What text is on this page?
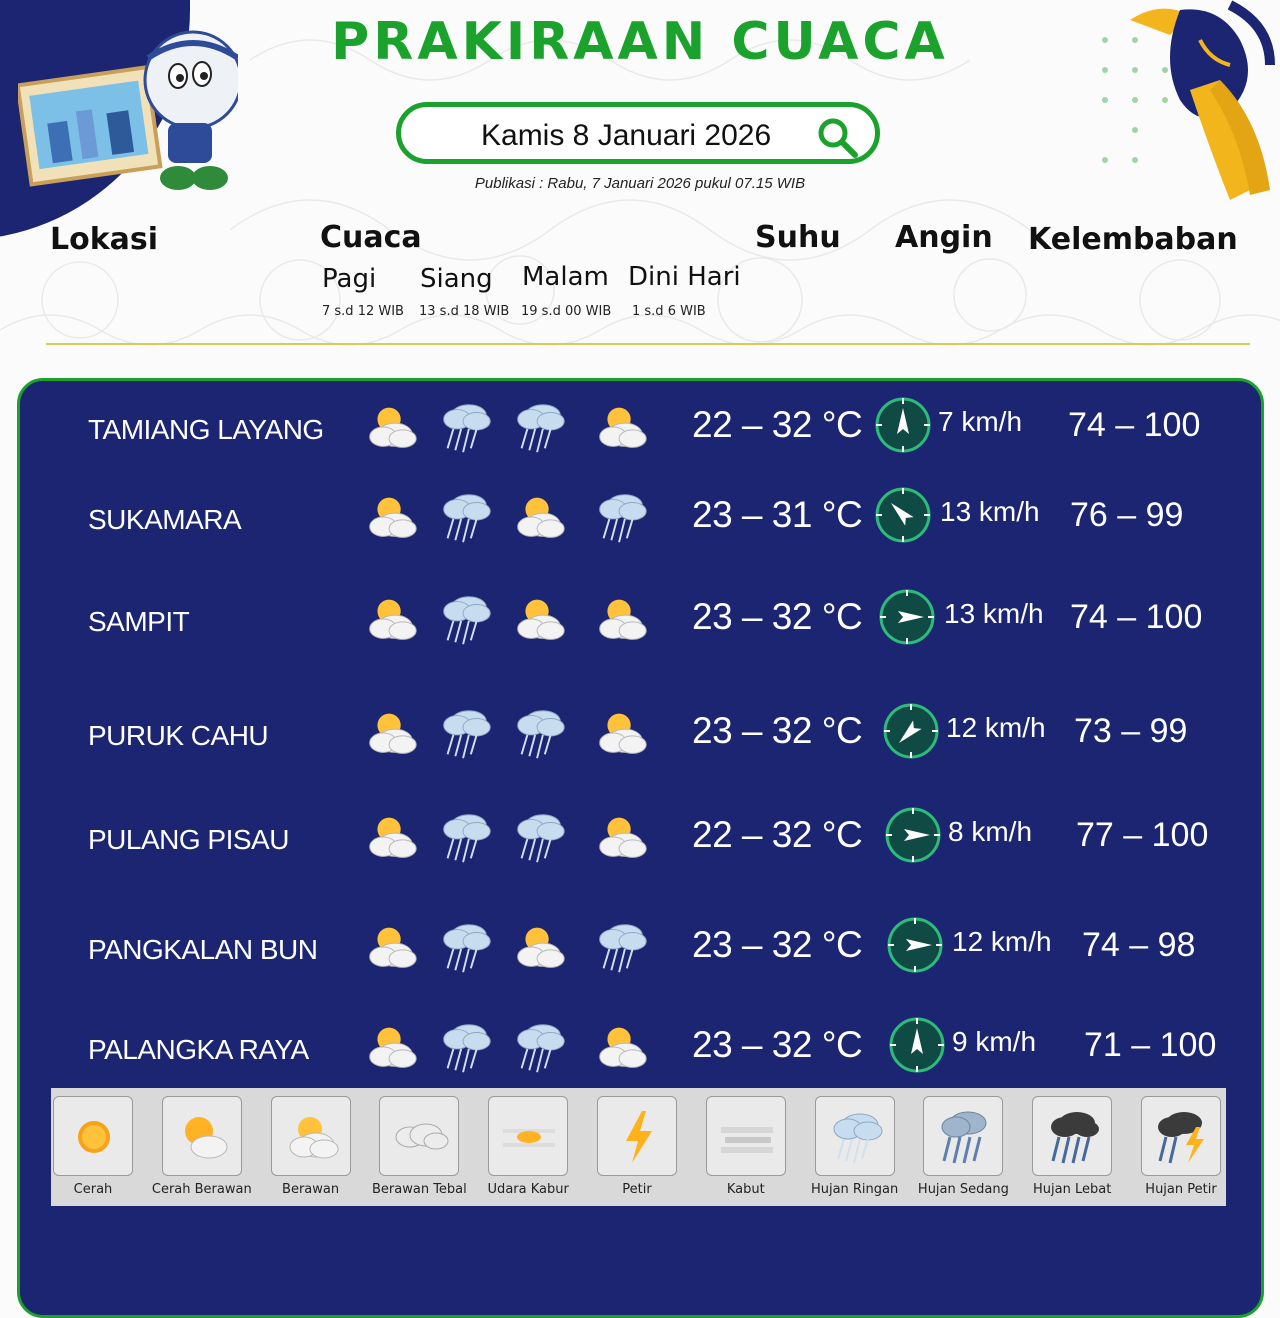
PRAKIRAAN CUACA
Kamis 8 Januari 2026
Publikasi : Rabu, 7 Januari 2026 pukul 07.15 WIB
Lokasi	Cuaca	Suhu Angin Kelembaban
Pagi Siang Malam Dini Hari
7 s.d 12 WIB 13 s.d 18 WIB 19 s.d 00 WIB 1 s.d 6 WIB
TAMIANG LAYANG	22 – 32 °C	7 km/h 74 – 100
SUKAMARA	23 – 31 °C	13 km/h 76 – 99
SAMPIT	23 – 32 °C	13 km/h 74 – 100
PURUK CAHU	23 – 32 °C	12 km/h 73 – 99
PULANG PISAU	22 – 32 °C	8 km/h 77 – 100
PANGKALAN BUN	23 – 32 °C	12 km/h 74 – 98
PALANGKA RAYA	23 – 32 °C	9 km/h 71 – 100
Cerah	Cerah Berawan	Berawan	Berawan Tebal	Udara Kabur	Petir	Kabut	Hujan Ringan	Hujan Sedang	Hujan Lebat	Hujan Petir
